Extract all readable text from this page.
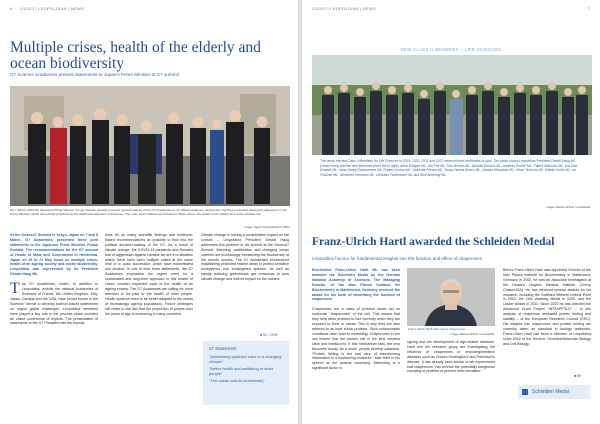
6 2/2023 | LEOPOLDINA | NEWS
Multiple crises, health of the elderly and ocean biodiversity
G7 Science academies present statements to Japan's Prime Minister at G7 summit
On 7 March 2023 the Japanese Prime Minister, Fumio Kishida, (centre) received representatives of the G7 Academies at his official residence. During this visit they presented three joint statements to the Prime Minister, which were jointly prepared by the National Academies of Sciences. The main topics addressed included multiple crises, the health of the elderly and ocean biodiversity.
Image: Japan Prime Minister's Office

At the Science7 Summit in Tokyo, Japan on 7 and 8 March, G7 Academies presented three joint statements to the Japanese Prime Minister, Fumio Kishida. The recommendations for the G7 summit of Heads of State and Government in Hiroshima, Japan on 19 to 21 May focus on multiple crises, health of an ageing society and ocean biodiversity. Leopoldina was represented by its President Gerald Haug ML.

The G7 Academies, which, in addition to Leopoldina, include the national Academies of Sciences of France, the United Kingdom, Italy, Japan, Canada and the USA, have joined forces in the Science7 format to develop science-based statements on urgent global challenges. Leopoldina members have played a key role in the process which included an online conference of experts. The presentation of statements to the G7 President laid the founda-

tions for as many scientific findings and evidence-based recommendations as possible to flow into the political decision-making of the G7. As a result of climate change, the COVID-19 pandemic and Russia's war of aggression against Ukraine we are in a situation where there have been multiple crises at the same time or in quick succession, which have exacerbated one another. In one of their three statements, the G7 Academies emphasise the urgent need for a coordinated and long-term approach to this cluster of crises. Another important topic is the health of an ageing society. The G7 Academies are calling for more attention to be paid to the health of older people. Health systems need to be better adapted to the needs of increasingly ageing populations. Future strategies will relate to the fact that the proportion of people over ten years of age is increasing in many countries.

Climate change is having a considerable impact on the oceans – Leopoldina President Gerald Haug addressed this problem in his speech at the Science7 Summit. Warming, acidification and changing ocean currents are increasingly threatening the biodiversity of the world's oceans. The G7 Academies recommend establishing protected marine areas to protect sensitive ecosystems and endangered species, as well as rapidly reducing greenhouse gas emissions to slow climate change and limit its impact on the oceans.

■ SC, CHW
S7 Statements
"Addressing systemic risks in a changing climate"
"Better health and wellbeing of older people"
"The ocean and its biodiversity"
2/2023 | LEOPOLDINA | NEWS	7
NEW CLASS II MEMBERS – LIFE SCIENCES
The newly elected Class II Members for Life Sciences in 2019, 2020, 2021 and 2022 received their certificates in April. The photo shows Leopoldina President Gerald Haug ML (centre front) and the new Members (from left to right): Anne Köttgen ML, Jan Peil ML, Tina Romeo ML, Michael Boutros ML, Andreas Hochel ML, Patrick Bonnarin ML, Kai-Uwe Eckardt ML, Hans-Georg Rammensee ML, Robert Grosse ML, Charlotte Förster ML, Sonja-Verena Albers ML, Claudia Höbartner ML, Ulrich Technau ML, Kätelin Korké ML, Ivo Feußner ML, Johannes Hermann ML, Christian Fankhauser ML and Wulf Amelung ML.
Image: Markus Scholz | Leopoldina
Franz-Ulrich Hartl awarded the Schleiden Medal
Leopoldina honour for fundamental insights into the function and effect of chaperones

Biochemist Franz-Ulrich Hartl ML has been awarded the Schleiden Medal by the German National Academy of Sciences. The Managing Director of the Max Planck Institute for Biochemistry in Martinsried, Germany received the award for his work of describing the function of chaperones.

Chaperones are a class of proteins which act as molecular "chaperones" of the cell. This means that they help other proteins to fold correctly when they are exposed to fever or stress. This is why they are also referred to as heat shock proteins. Such unfavourable conditions often lead to misfolding. Chaperones in the cell ensure that the protein mix in the lens remains clear and translucent. If this mechanism fails, the lens becomes cloudy. As a result, people develop cataracts. "Protein folding is the last step of transforming information to a functioning molecule", said Hartl in his speech at the awards ceremony. Misfolding is a significant factor in

Franz-Ulrich Hartl talks about chaperones.
Image: Markus Scholz | Leopoldina

ageing and the development of age-related diseases. Hartl and his research group are investigating the influence of chaperones in neurodegenerative diseases such as Chorea Huntington's and Parkinson's disease. It has already been shown in lab experiments that chaperones "can reverse the potentially dangerous clumping of proteins or prevent their formation."

Before Franz-Ulrich Hartl was appointed Director of the Max Planck Institute for Biochemistry in Martinsried, Germany in 2002, he was an Associate Investigator at the Howard Hughes Medical Institute (Chevy Chase/USA). He has received several awards for his research, including the Gottfried Wilhelm Leibniz Prize in 2002, the Otto Warburg Medal in 2009, and the Lasker Award in 2011. Since 2022 he has directed the Advanced Grant Project "INSTAPFOLD" – In situ analysis of chaperone mediated protein folding and stability – of the European Research Council (ERC). His insights into chaperones and protein folding are currently taken as standard in biology textbooks. Franz-Ulrich Hartl has been a Member of Leopoldina since 2002 in the Section: Genetics/Molecular Biology and Cell Biology.

■ BK
Schleiden Medal
